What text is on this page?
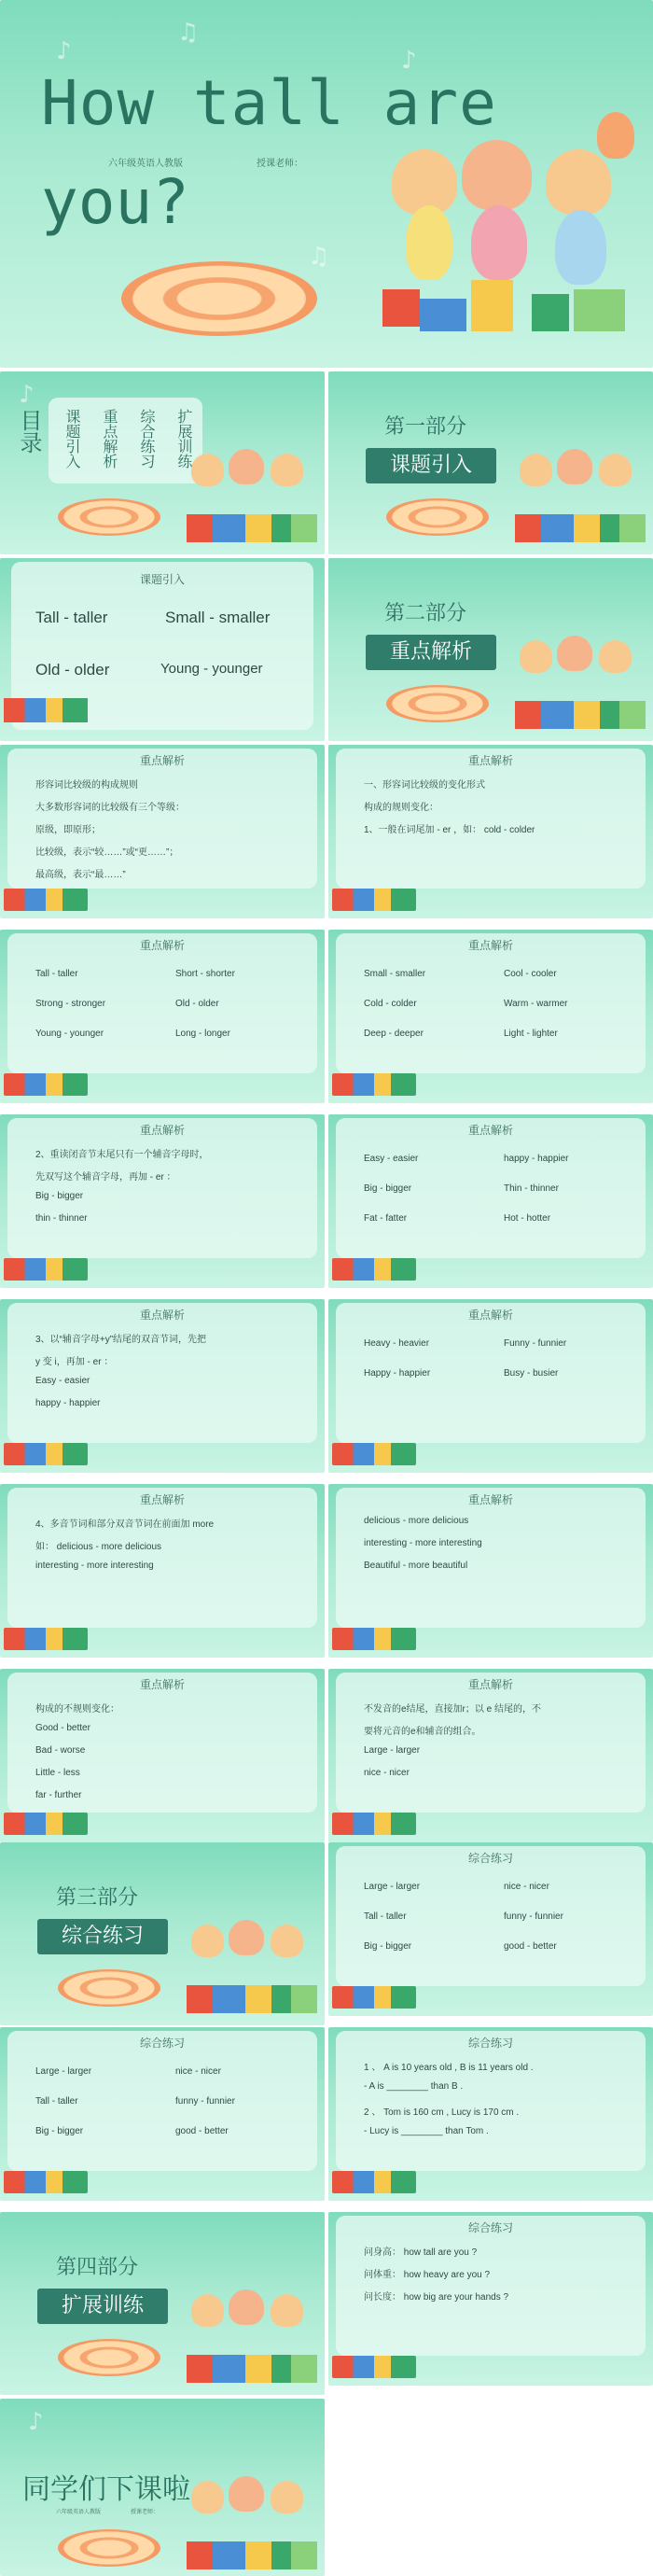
♪
♫
♪
♫
How tall are
you?
六年级英语人教版	授课老师：
♪
目录 课题引入 重点解析 综合练习 扩展训练	第一部分
课题引入
课题引入
Tall - taller	Small - smaller
Old - older	Young - younger
第二部分
重点解析
重点解析
形容词比较级的构成规则
大多数形容词的比较级有三个等级：
原级，即原形；
比较级，表示“较……”或“更……”；
最高级，表示“最……”
重点解析
一、形容词比较级的变化形式
构成的规则变化：
1、一般在词尾加 - er ，如： cold - colder
重点解析
Tall - taller	Short - shorter
Strong - stronger	Old - older
Young - younger	Long - longer
重点解析
Small - smaller	Cool - cooler
Cold - colder	Warm - warmer
Deep - deeper	Light - lighter
重点解析
2、重读闭音节末尾只有一个辅音字母时，
先双写这个辅音字母，再加 - er ：
Big - bigger
thin - thinner
重点解析
Easy - easier	happy - happier
Big - bigger	Thin - thinner
Fat - fatter	Hot - hotter
重点解析
3、以“辅音字母+y”结尾的双音节词，先把
y 变 i，再加 - er ：
Easy - easier
happy - happier
重点解析
Heavy - heavier	Funny - funnier
Happy - happier	Busy - busier
重点解析
4、多音节词和部分双音节词在前面加 more
如： delicious - more delicious
interesting - more interesting
重点解析
delicious - more delicious
interesting - more interesting
Beautiful - more beautiful
重点解析
构成的不规则变化：
Good - better
Bad - worse
Little - less
far - further
重点解析
不发音的e结尾，直接加r；以 e 结尾的，不
要将元音的e和辅音的组合。
Large - larger
nice - nicer
综合练习
Large - larger	nice - nicer
Tall - taller	funny - funnier
Big - bigger	good - better
综合练习
Large - larger	nice - nicer
Tall - taller	funny - funnier
Big - bigger	good - better
综合练习
1 、 A is 10 years old , B is 11 years old .
- A is ________ than B .
2 、 Tom is 160 cm , Lucy is 170 cm .
- Lucy is ________ than Tom .
综合练习
问身高： how tall are you ?
问体重： how heavy are you ?
问长度： how big are your hands ?
第三部分
综合练习
第四部分
扩展训练
♪
同学们下课啦
六年级英语人教版	授课老师：
